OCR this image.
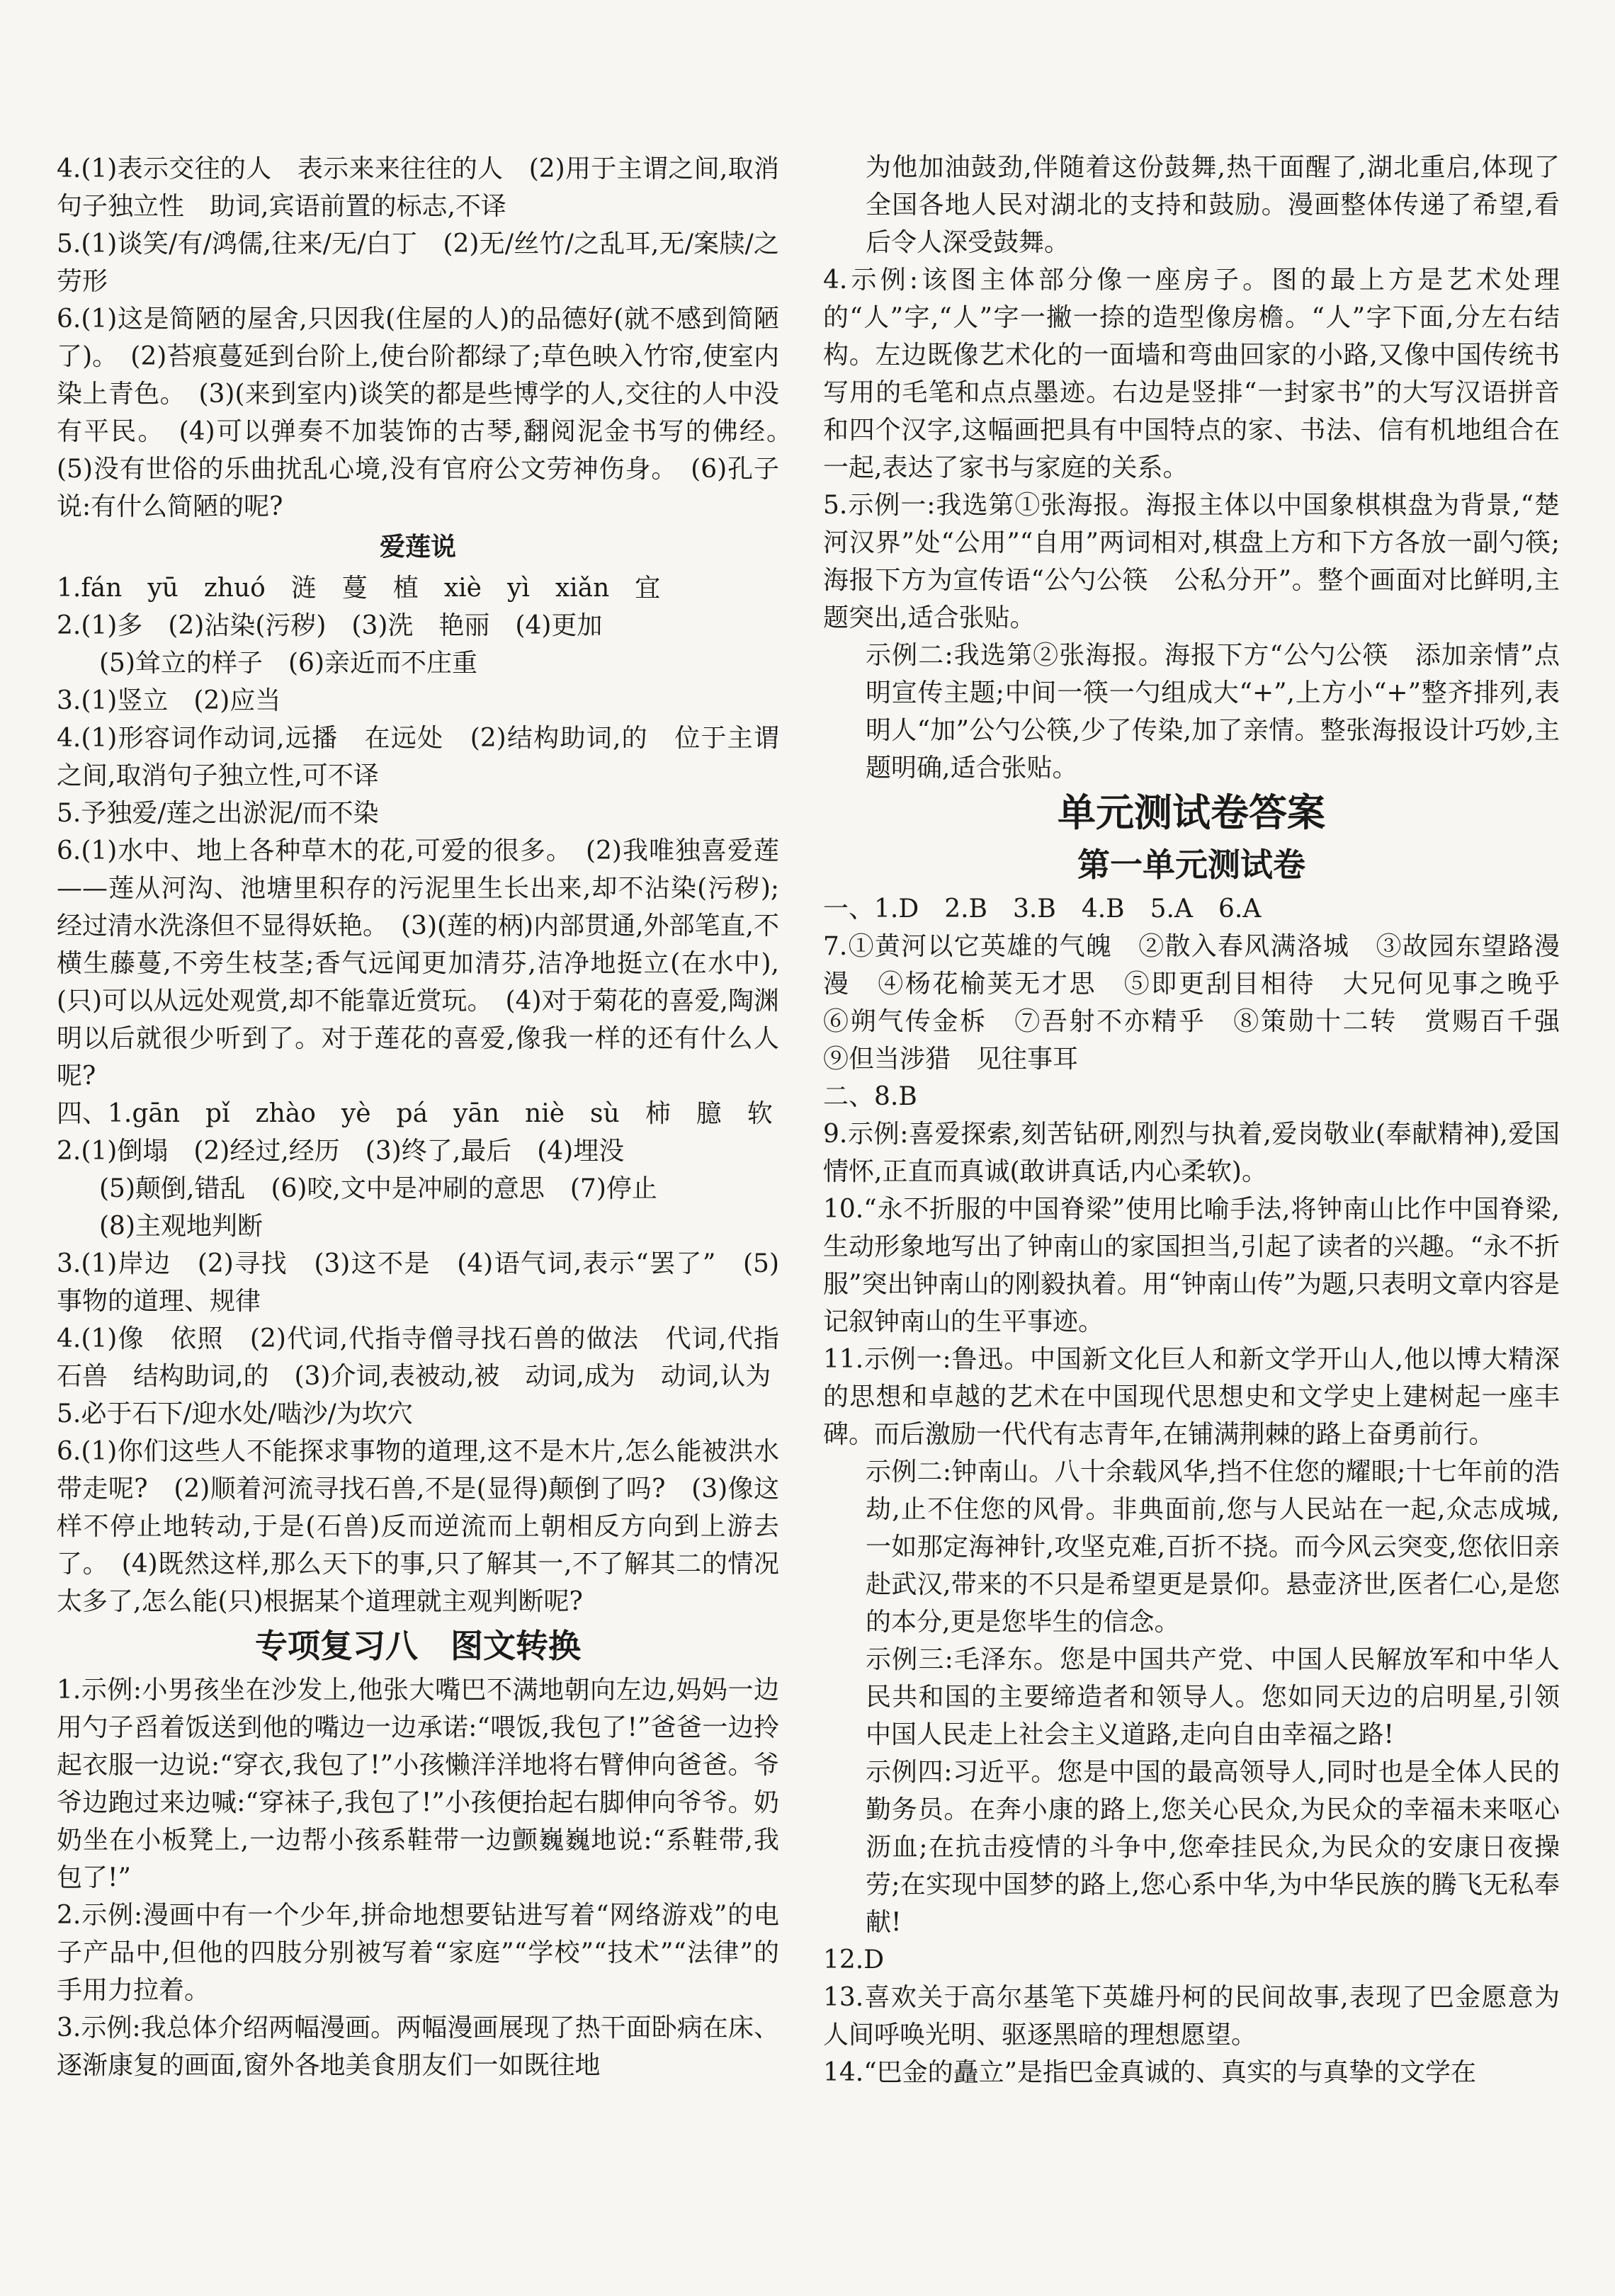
4.(1)表示交往的人　表示来来往往的人　(2)用于主谓之间,取消句子独立性　助词,宾语前置的标志,不译

5.(1)谈笑/有/鸿儒,往来/无/白丁　(2)无/丝竹/之乱耳,无/案牍/之劳形

6.(1)这是简陋的屋舍,只因我(住屋的人)的品德好(就不感到简陋了)。　(2)苔痕蔓延到台阶上,使台阶都绿了;草色映入竹帘,使室内染上青色。　(3)(来到室内)谈笑的都是些博学的人,交往的人中没有平民。　(4)可以弹奏不加装饰的古琴,翻阅泥金书写的佛经。　(5)没有世俗的乐曲扰乱心境,没有官府公文劳神伤身。　(6)孔子说:有什么简陋的呢?

爱莲说

1.fán　yū　zhuó　涟　蔓　植　xiè　yì　xiǎn　宜

2.(1)多　(2)沾染(污秽)　(3)洗　艳丽　(4)更加

(5)耸立的样子　(6)亲近而不庄重

3.(1)竖立　(2)应当

4.(1)形容词作动词,远播　在远处　(2)结构助词,的　位于主谓之间,取消句子独立性,可不译

5.予独爱/莲之出淤泥/而不染

6.(1)水中、地上各种草木的花,可爱的很多。　(2)我唯独喜爱莲——莲从河沟、池塘里积存的污泥里生长出来,却不沾染(污秽);经过清水洗涤但不显得妖艳。　(3)(莲的柄)内部贯通,外部笔直,不横生藤蔓,不旁生枝茎;香气远闻更加清芬,洁净地挺立(在水中),(只)可以从远处观赏,却不能靠近赏玩。　(4)对于菊花的喜爱,陶渊明以后就很少听到了。对于莲花的喜爱,像我一样的还有什么人呢?

四、1.gān　pǐ　zhào　yè　pá　yān　niè　sù　柿　臆　软

2.(1)倒塌　(2)经过,经历　(3)终了,最后　(4)埋没

(5)颠倒,错乱　(6)咬,文中是冲刷的意思　(7)停止

(8)主观地判断

3.(1)岸边　(2)寻找　(3)这不是　(4)语气词,表示“罢了”　(5)事物的道理、规律

4.(1)像　依照　(2)代词,代指寺僧寻找石兽的做法　代词,代指石兽　结构助词,的　(3)介词,表被动,被　动词,成为　动词,认为

5.必于石下/迎水处/啮沙/为坎穴

6.(1)你们这些人不能探求事物的道理,这不是木片,怎么能被洪水带走呢?　(2)顺着河流寻找石兽,不是(显得)颠倒了吗?　(3)像这样不停止地转动,于是(石兽)反而逆流而上朝相反方向到上游去了。　(4)既然这样,那么天下的事,只了解其一,不了解其二的情况太多了,怎么能(只)根据某个道理就主观判断呢?

专项复习八　图文转换

1.示例:小男孩坐在沙发上,他张大嘴巴不满地朝向左边,妈妈一边用勺子舀着饭送到他的嘴边一边承诺:“喂饭,我包了!”爸爸一边拎起衣服一边说:“穿衣,我包了!”小孩懒洋洋地将右臂伸向爸爸。爷爷边跑过来边喊:“穿袜子,我包了!”小孩便抬起右脚伸向爷爷。奶奶坐在小板凳上,一边帮小孩系鞋带一边颤巍巍地说:“系鞋带,我包了!”

2.示例:漫画中有一个少年,拼命地想要钻进写着“网络游戏”的电子产品中,但他的四肢分别被写着“家庭”“学校”“技术”“法律”的手用力拉着。

3.示例:我总体介绍两幅漫画。两幅漫画展现了热干面卧病在床、逐渐康复的画面,窗外各地美食朋友们一如既往地

为他加油鼓劲,伴随着这份鼓舞,热干面醒了,湖北重启,体现了全国各地人民对湖北的支持和鼓励。漫画整体传递了希望,看后令人深受鼓舞。

4.示例:该图主体部分像一座房子。图的最上方是艺术处理的“人”字,“人”字一撇一捺的造型像房檐。“人”字下面,分左右结构。左边既像艺术化的一面墙和弯曲回家的小路,又像中国传统书写用的毛笔和点点墨迹。右边是竖排“一封家书”的大写汉语拼音和四个汉字,这幅画把具有中国特点的家、书法、信有机地组合在一起,表达了家书与家庭的关系。

5.示例一:我选第①张海报。海报主体以中国象棋棋盘为背景,“楚河汉界”处“公用”“自用”两词相对,棋盘上方和下方各放一副勺筷;海报下方为宣传语“公勺公筷　公私分开”。整个画面对比鲜明,主题突出,适合张贴。

示例二:我选第②张海报。海报下方“公勺公筷　添加亲情”点明宣传主题;中间一筷一勺组成大“+”,上方小“+”整齐排列,表明人“加”公勺公筷,少了传染,加了亲情。整张海报设计巧妙,主题明确,适合张贴。

单元测试卷答案

第一单元测试卷

一、1.D　2.B　3.B　4.B　5.A　6.A

7.①黄河以它英雄的气魄　②散入春风满洛城　③故园东望路漫漫　④杨花榆荚无才思　⑤即更刮目相待　大兄何见事之晚乎　⑥朔气传金柝　⑦吾射不亦精乎　⑧策勋十二转　赏赐百千强　⑨但当涉猎　见往事耳

二、8.B

9.示例:喜爱探索,刻苦钻研,刚烈与执着,爱岗敬业(奉献精神),爱国情怀,正直而真诚(敢讲真话,内心柔软)。

10.“永不折服的中国脊梁”使用比喻手法,将钟南山比作中国脊梁,生动形象地写出了钟南山的家国担当,引起了读者的兴趣。“永不折服”突出钟南山的刚毅执着。用“钟南山传”为题,只表明文章内容是记叙钟南山的生平事迹。

11.示例一:鲁迅。中国新文化巨人和新文学开山人,他以博大精深的思想和卓越的艺术在中国现代思想史和文学史上建树起一座丰碑。而后激励一代代有志青年,在铺满荆棘的路上奋勇前行。

示例二:钟南山。八十余载风华,挡不住您的耀眼;十七年前的浩劫,止不住您的风骨。非典面前,您与人民站在一起,众志成城,一如那定海神针,攻坚克难,百折不挠。而今风云突变,您依旧亲赴武汉,带来的不只是希望更是景仰。悬壶济世,医者仁心,是您的本分,更是您毕生的信念。

示例三:毛泽东。您是中国共产党、中国人民解放军和中华人民共和国的主要缔造者和领导人。您如同天边的启明星,引领中国人民走上社会主义道路,走向自由幸福之路!

示例四:习近平。您是中国的最高领导人,同时也是全体人民的勤务员。在奔小康的路上,您关心民众,为民众的幸福未来呕心沥血;在抗击疫情的斗争中,您牵挂民众,为民众的安康日夜操劳;在实现中国梦的路上,您心系中华,为中华民族的腾飞无私奉献!

12.D

13.喜欢关于高尔基笔下英雄丹柯的民间故事,表现了巴金愿意为人间呼唤光明、驱逐黑暗的理想愿望。

14.“巴金的矗立”是指巴金真诚的、真实的与真挚的文学在
